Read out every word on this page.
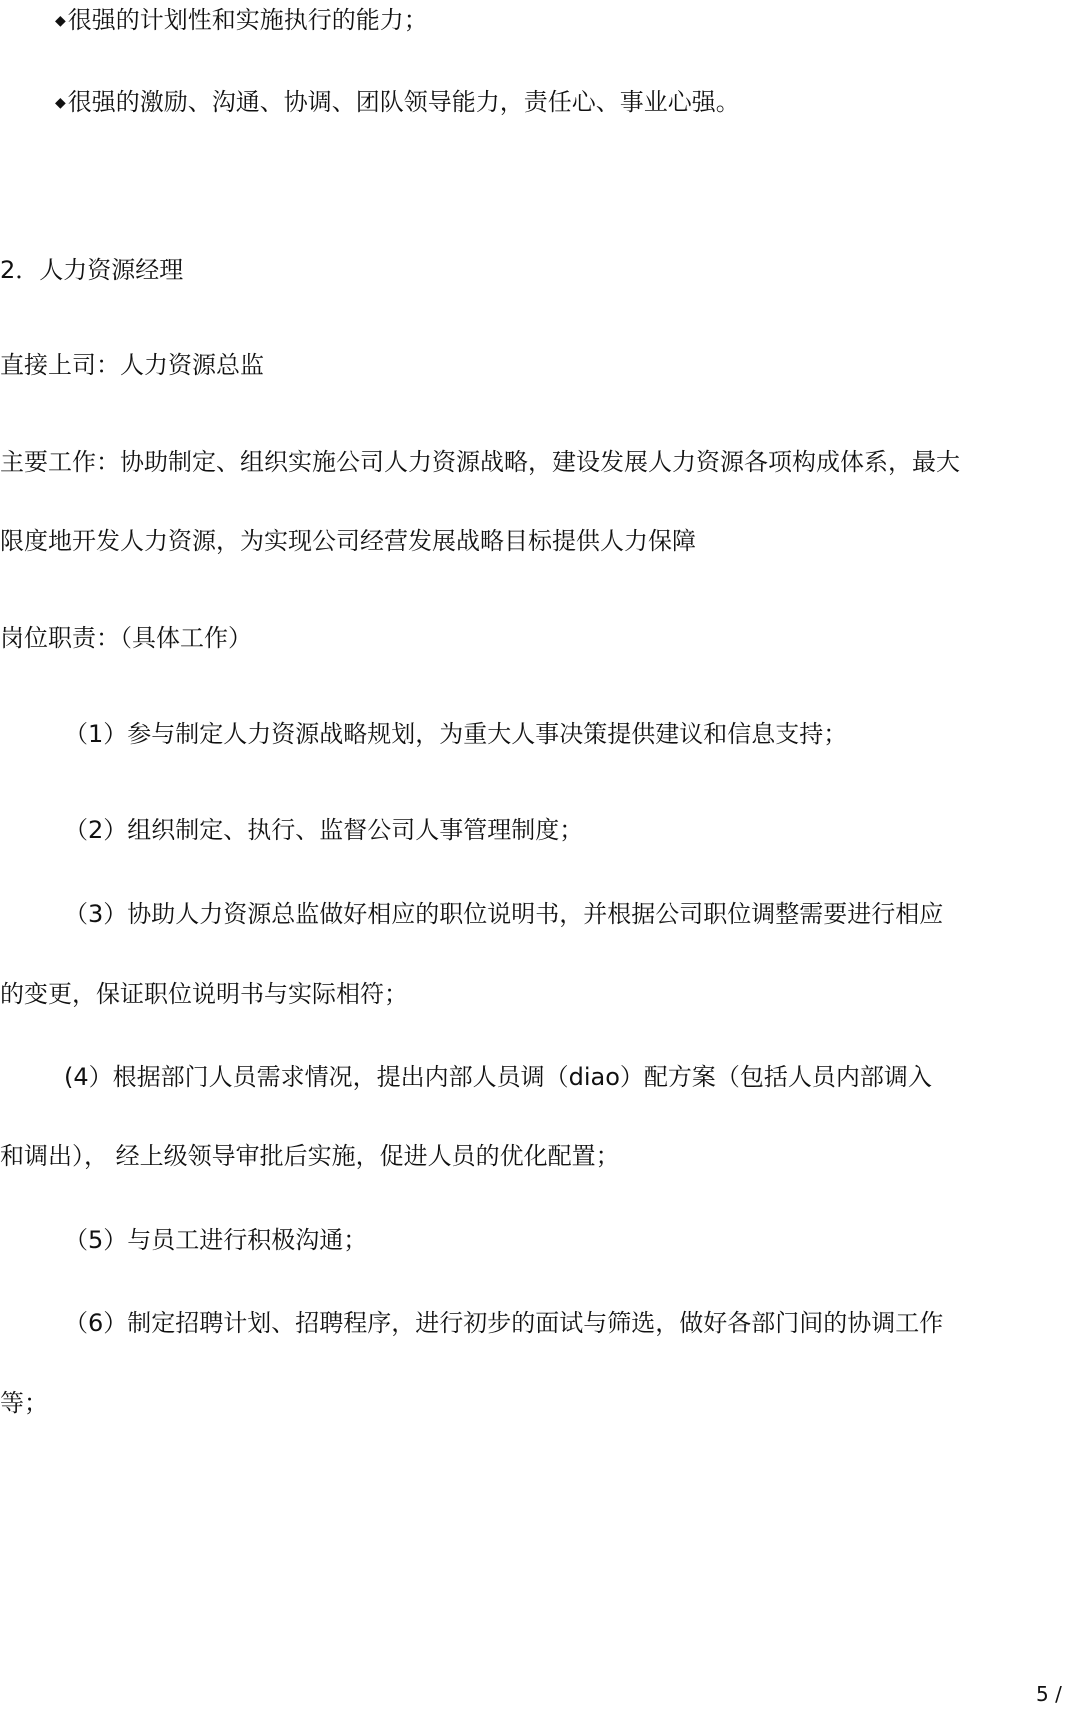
◆很强的计划性和实施执行的能力；

◆很强的激励、沟通、协调、团队领导能力，责任心、事业心强。

2．人力资源经理

直接上司：人力资源总监

主要工作：协助制定、组织实施公司人力资源战略，建设发展人力资源各项构成体系，最大

限度地开发人力资源，为实现公司经营发展战略目标提供人力保障

岗位职责：（具体工作）

（1）参与制定人力资源战略规划，为重大人事决策提供建议和信息支持；

（2）组织制定、执行、监督公司人事管理制度；

（3）协助人力资源总监做好相应的职位说明书，并根据公司职位调整需要进行相应

的变更，保证职位说明书与实际相符；

(4）根据部门人员需求情况，提出内部人员调（diao）配方案（包括人员内部调入

和调出）， 经上级领导审批后实施，促进人员的优化配置；

（5）与员工进行积极沟通；

（6）制定招聘计划、招聘程序，进行初步的面试与筛选，做好各部门间的协调工作

等；

5 /
